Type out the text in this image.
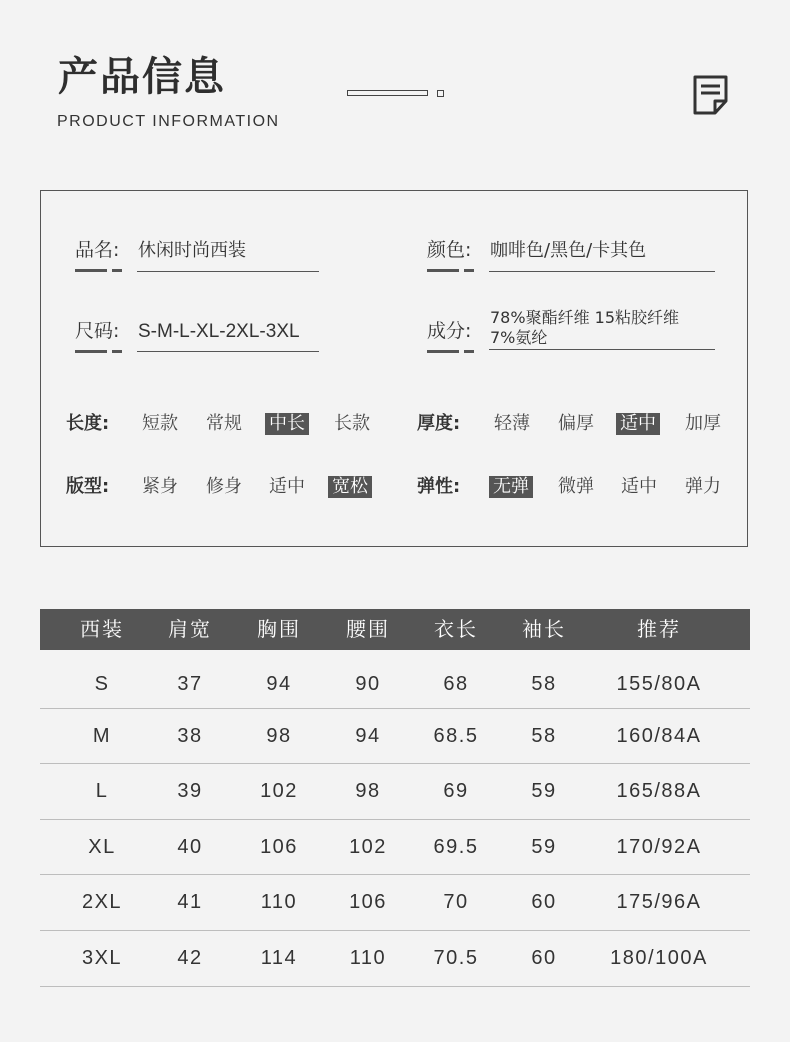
产品信息
PRODUCT INFORMATION
品名: 休闲时尚西装	颜色: 咖啡色/黑色/卡其色
尺码: S-M-L-XL-2XL-3XL	成分:
78%聚酯纤维 15粘胶纤维
7%氨纶
长度: 短款 常规 中长 长款	厚度: 轻薄 偏厚 适中 加厚
版型: 紧身 修身 适中 宽松	弹性: 无弹 微弹 适中 弹力
西装	肩宽	胸围	腰围	衣长	袖长	推荐
S	37	94	90	68	58	155/80A
M	38	98	94	68.5	58	160/84A
L	39	102	98	69	59	165/88A
XL	40	106	102	69.5	59	170/92A
2XL	41	110	106	70	60	175/96A
3XL	42	114	110	70.5	60	180/100A
